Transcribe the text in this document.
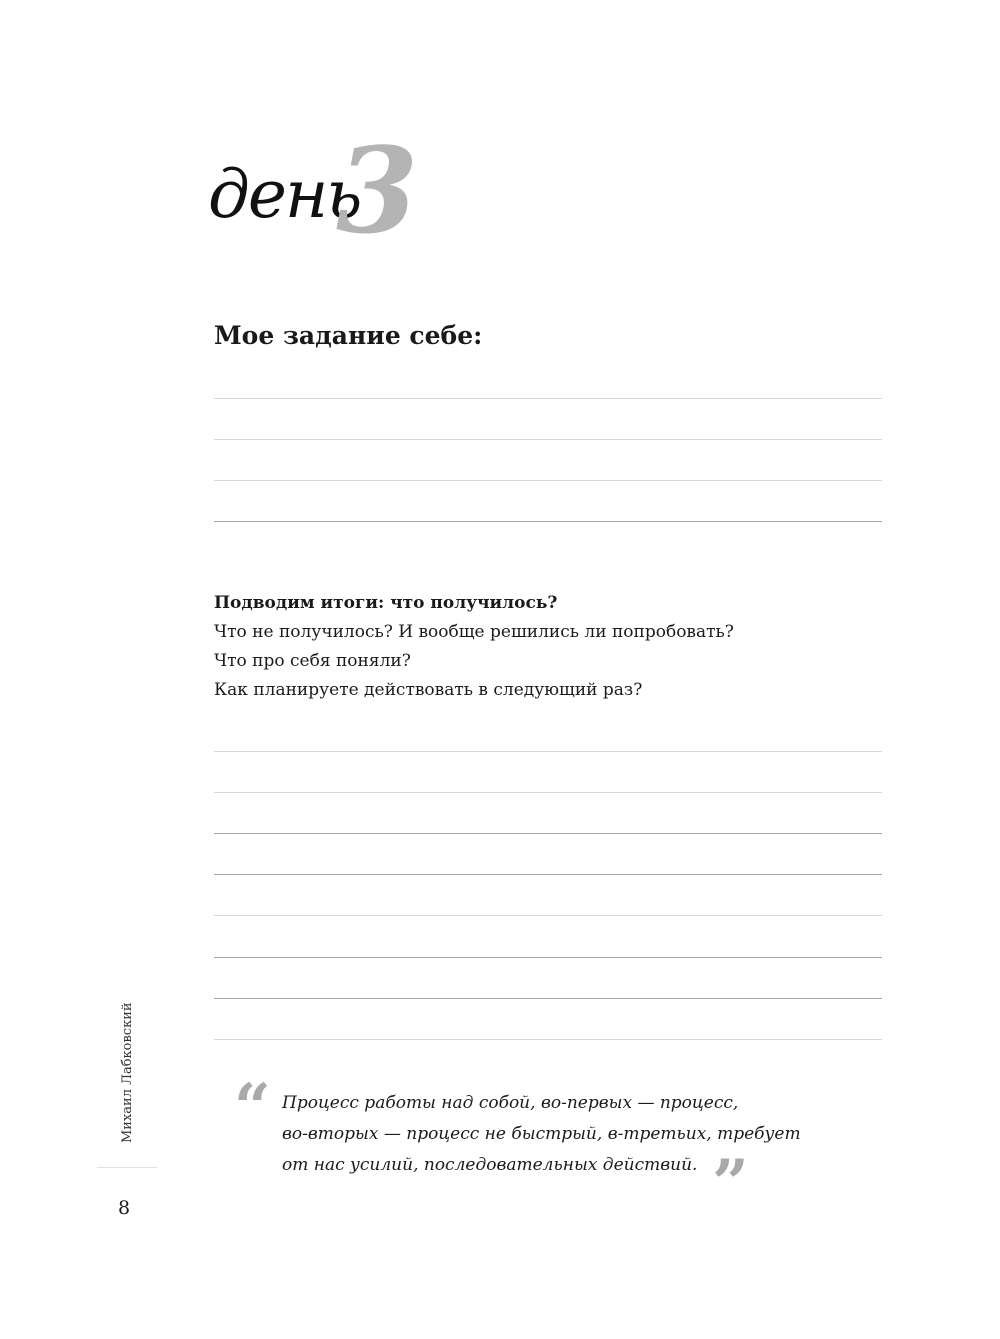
день
3
Мое задание себе:
Подводим итоги: что получилось?
Что не получилось? И вообще решились ли попробовать?
Что про себя поняли?
Как планируете действовать в следующий раз?
“ Процесс работы над собой, во-первых — процесс,
во-вторых — процесс не быстрый, в-третьих, требует
от нас усилий, последовательных действий. ”
Михаил Лабковский
8
